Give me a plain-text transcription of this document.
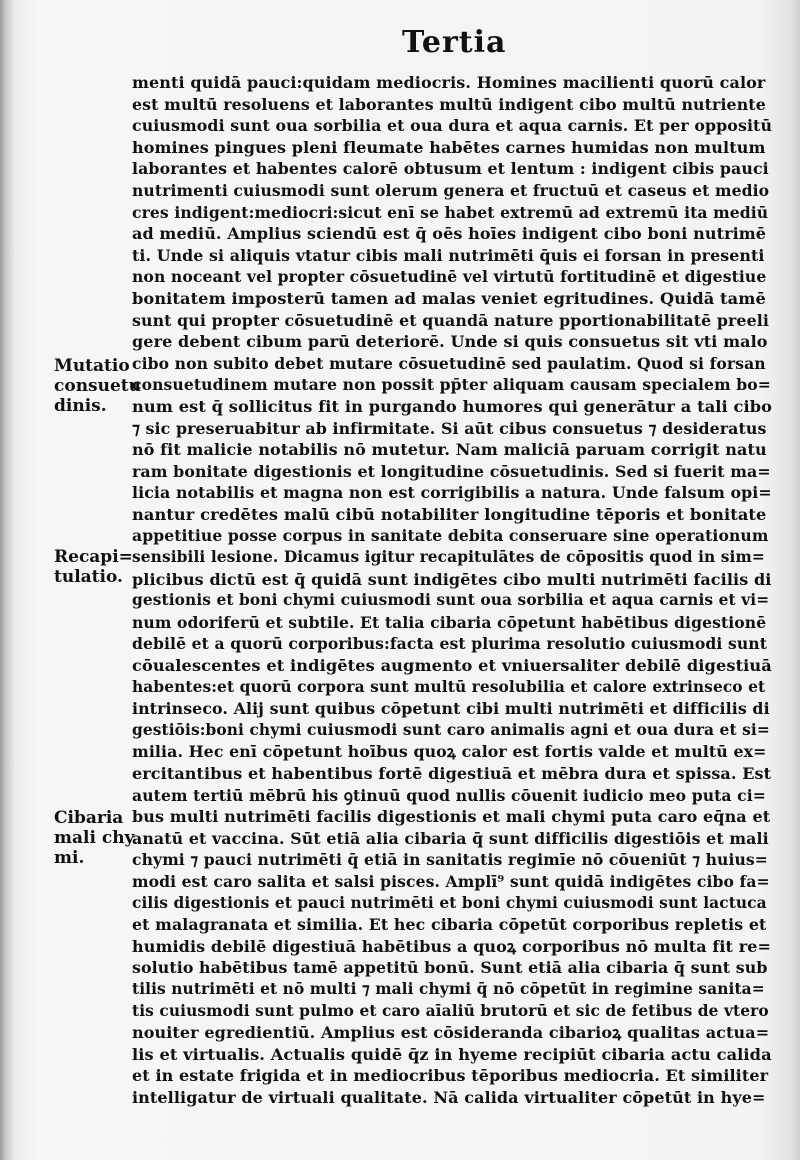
Tertia
Mutatio
consuetu
dinis.
Recapi=
tulatio.
Cibaria
mali chy
mi.
menti quidā pauci:quidam mediocris. Homines macilienti quorū calor
est multū resoluens et laborantes multū indigent cibo multū nutriente
cuiusmodi sunt oua sorbilia et oua dura et aqua carnis. Et per oppositū
homines pingues pleni fleumate habētes carnes humidas non multum
laborantes et habentes calorē obtusum et lentum : indigent cibis pauci
nutrimenti cuiusmodi sunt olerum genera et fructuū et caseus et medio
cres indigent:mediocri:sicut enī se habet extremū ad extremū ita mediū
ad mediū. Amplius sciendū est q̄ oēs hoīes indigent cibo boni nutrimē
ti. Unde si aliquis vtatur cibis mali nutrimēti q̄uis ei forsan in presenti
non noceant vel propter cōsuetudinē vel virtutū fortitudinē et digestiue
bonitatem imposterū tamen ad malas veniet egritudines. Quidā tamē
sunt qui propter cōsuetudinē et quandā nature pportionabilitatē preeli
gere debent cibum parū deteriorē. Unde si quis consuetus sit vti malo
cibo non subito debet mutare cōsuetudinē sed paulatim. Quod si forsan
consuetudinem mutare non possit pp̄ter aliquam causam specialem bo=
num est q̄ sollicitus fit in purgando humores qui generātur a tali cibo
⁊ sic preseruabitur ab infirmitate. Si aūt cibus consuetus ⁊ desideratus
nō fit malicie notabilis nō mutetur. Nam maliciā paruam corrigit natu
ram bonitate digestionis et longitudine cōsuetudinis. Sed si fuerit ma=
licia notabilis et magna non est corrigibilis a natura. Unde falsum opi=
nantur credētes malū cibū notabiliter longitudine tēporis et bonitate
appetitiue posse corpus in sanitate debita conseruare sine operationum
sensibili lesione. Dicamus igitur recapitulātes de cōpositis quod in sim=
plicibus dictū est q̄ quidā sunt indigētes cibo multi nutrimēti facilis di
gestionis et boni chymi cuiusmodi sunt oua sorbilia et aqua carnis et vi=
num odoriferū et subtile. Et talia cibaria cōpetunt habētibus digestionē
debilē et a quorū corporibus:facta est plurima resolutio cuiusmodi sunt
cōualescentes et indigētes augmento et vniuersaliter debilē digestiuā
habentes:et quorū corpora sunt multū resolubilia et calore extrinseco et
intrinseco. Alij sunt quibus cōpetunt cibi multi nutrimēti et difficilis di
gestiōis:boni chymi cuiusmodi sunt caro animalis agni et oua dura et si=
milia. Hec enī cōpetunt hoībus quoꝝ calor est fortis valde et multū ex=
ercitantibus et habentibus fortē digestiuā et mēbra dura et spissa. Est
autem tertiū mēbrū his ꝯtinuū quod nullis cōuenit iudicio meo puta ci=
bus multi nutrimēti facilis digestionis et mali chymi puta caro eq̄na et
anatū et vaccina. Sūt etiā alia cibaria q̄ sunt difficilis digestiōis et mali
chymi ⁊ pauci nutrimēti q̄ etiā in sanitatis regimīe nō cōueniūt ⁊ huius=
modi est caro salita et salsi pisces. Amplī⁹ sunt quidā indigētes cibo fa=
cilis digestionis et pauci nutrimēti et boni chymi cuiusmodi sunt lactuca
et malagranata et similia. Et hec cibaria cōpetūt corporibus repletis et
humidis debilē digestiuā habētibus a quoꝝ corporibus nō multa fit re=
solutio habētibus tamē appetitū bonū. Sunt etiā alia cibaria q̄ sunt sub
tilis nutrimēti et nō multi ⁊ mali chymi q̄ nō cōpetūt in regimine sanita=
tis cuiusmodi sunt pulmo et caro aīaliū brutorū et sic de fetibus de vtero
nouiter egredientiū. Amplius est cōsideranda cibarioꝝ qualitas actua=
lis et virtualis. Actualis quidē q̄z in hyeme recipiūt cibaria actu calida
et in estate frigida et in mediocribus tēporibus mediocria. Et similiter
intelligatur de virtuali qualitate. Nā calida virtualiter cōpetūt in hye=
